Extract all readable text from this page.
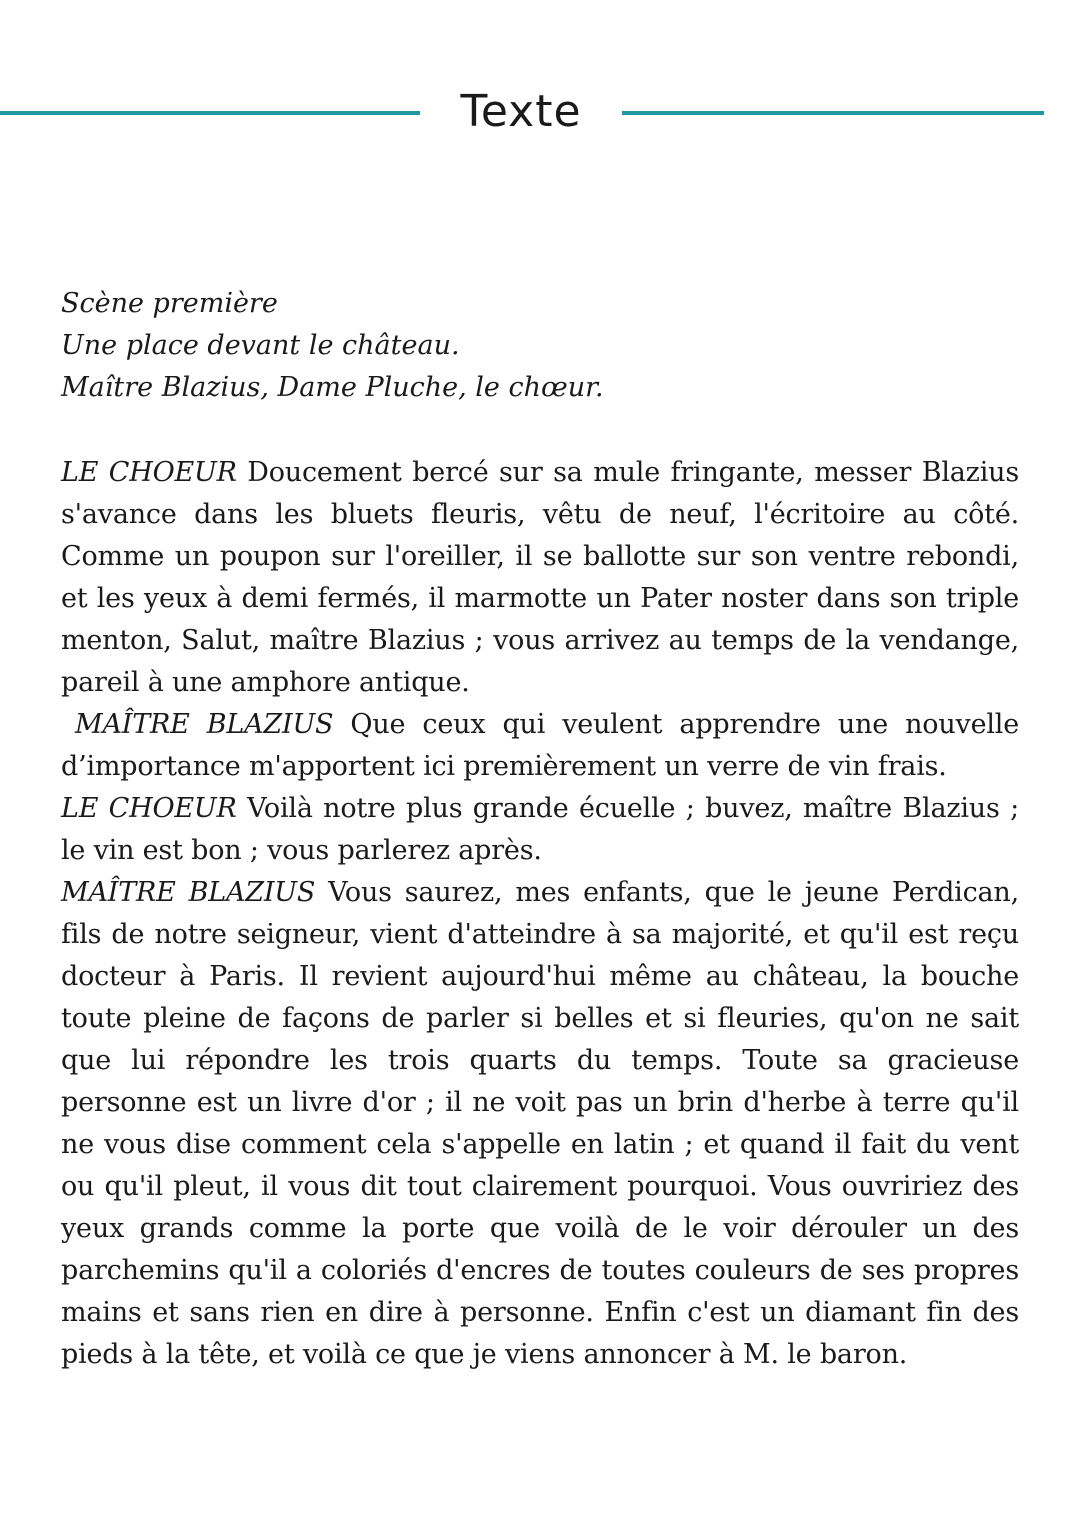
Texte
Scène première
Une place devant le château.
Maître Blazius, Dame Pluche, le chœur.

LE CHOEUR Doucement bercé sur sa mule fringante, messer Blazius s'avance dans les bluets fleuris, vêtu de neuf, l'écritoire au côté. Comme un poupon sur l'oreiller, il se ballotte sur son ventre rebondi, et les yeux à demi fermés, il marmotte un Pater noster dans son triple menton, Salut, maître Blazius ; vous arrivez au temps de la vendange, pareil à une amphore antique.

MAÎTRE BLAZIUS Que ceux qui veulent apprendre une nouvelle d’importance m'apportent ici premièrement un verre de vin frais.

LE CHOEUR Voilà notre plus grande écuelle ; buvez, maître Blazius ; le vin est bon ; vous parlerez après.

MAÎTRE BLAZIUS Vous saurez, mes enfants, que le jeune Perdican, fils de notre seigneur, vient d'atteindre à sa majorité, et qu'il est reçu docteur à Paris. Il revient aujourd'hui même au château, la bouche toute pleine de façons de parler si belles et si fleuries, qu'on ne sait que lui répondre les trois quarts du temps. Toute sa gracieuse personne est un livre d'or ; il ne voit pas un brin d'herbe à terre qu'il ne vous dise comment cela s'appelle en latin ; et quand il fait du vent ou qu'il pleut, il vous dit tout clairement pourquoi. Vous ouvririez des yeux grands comme la porte que voilà de le voir dérouler un des parchemins qu'il a coloriés d'encres de toutes couleurs de ses propres mains et sans rien en dire à personne. Enfin c'est un diamant fin des pieds à la tête, et voilà ce que je viens annoncer à M. le baron.
